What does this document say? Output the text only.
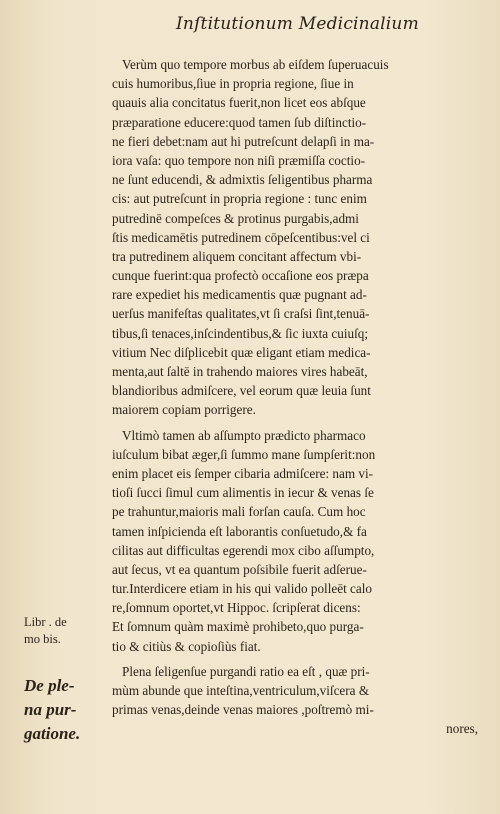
Inſtitutionum Medicinalium
Verùm quo tempore morbus ab eiſdem ſuperuacuis
cuis humoribus,ſiue in propria regione, ſiue in
quauis alia concitatus fuerit,non licet eos abſque
præparatione educere:quod tamen ſub diſtinctio-
ne fieri debet:nam aut hi putreſcunt delapſi in ma-
iora vaſa: quo tempore non niſi præmiſſa coctio-
ne ſunt educendi, & admixtis ſeligentibus pharma
cis: aut putreſcunt in propria regione : tunc enim
putredinē compeſces & protinus purgabis,admi
ſtis medicamētis putredinem cōpeſcentibus:vel ci
tra putredinem aliquem concitant affectum vbi-
cunque fuerint:qua profectò occaſione eos præpa
rare expediet his medicamentis quæ pugnant ad-
uerſus manifeſtas qualitates,vt ſi craſsi ſint,tenuā-
tibus,ſi tenaces,inſcindentibus,& ſic iuxta cuiuſq;
vitium Nec diſplicebit quæ eligant etiam medica-
menta,aut ſaltē in trahendo maiores vires habeāt,
blandioribus admiſcere, vel eorum quæ leuia ſunt
maiorem copiam porrigere.
Vltimò tamen ab aſſumpto prædicto pharmaco
iuſculum bibat æger,ſi ſummo mane ſumpſerit:non
enim placet eis ſemper cibaria admiſcere: nam vi-
tioſi ſucci ſimul cum alimentis in iecur & venas ſe
pe trahuntur,maioris mali forſan cauſa. Cum hoc
tamen inſpicienda eſt laborantis conſuetudo,& fa
cilitas aut difficultas egerendi mox cibo aſſumpto,
aut ſecus, vt ea quantum poſsibile fuerit adſerue-
tur.Interdicere etiam in his qui valido polleēt calo
re,ſomnum oportet,vt Hippoc. ſcripſerat dicens:
Et ſomnum quàm maximè prohibeto,quo purga-
tio & citiùs & copioſiùs fiat.
Plena ſeligenſue purgandi ratio ea eſt , quæ pri-
mùm abunde que inteſtina,ventriculum,viſcera &
primas venas,deinde venas maiores ,poſtremò mi-
nores,
Libr . de
mo bis.
De ple-
na pur-
gatione.
